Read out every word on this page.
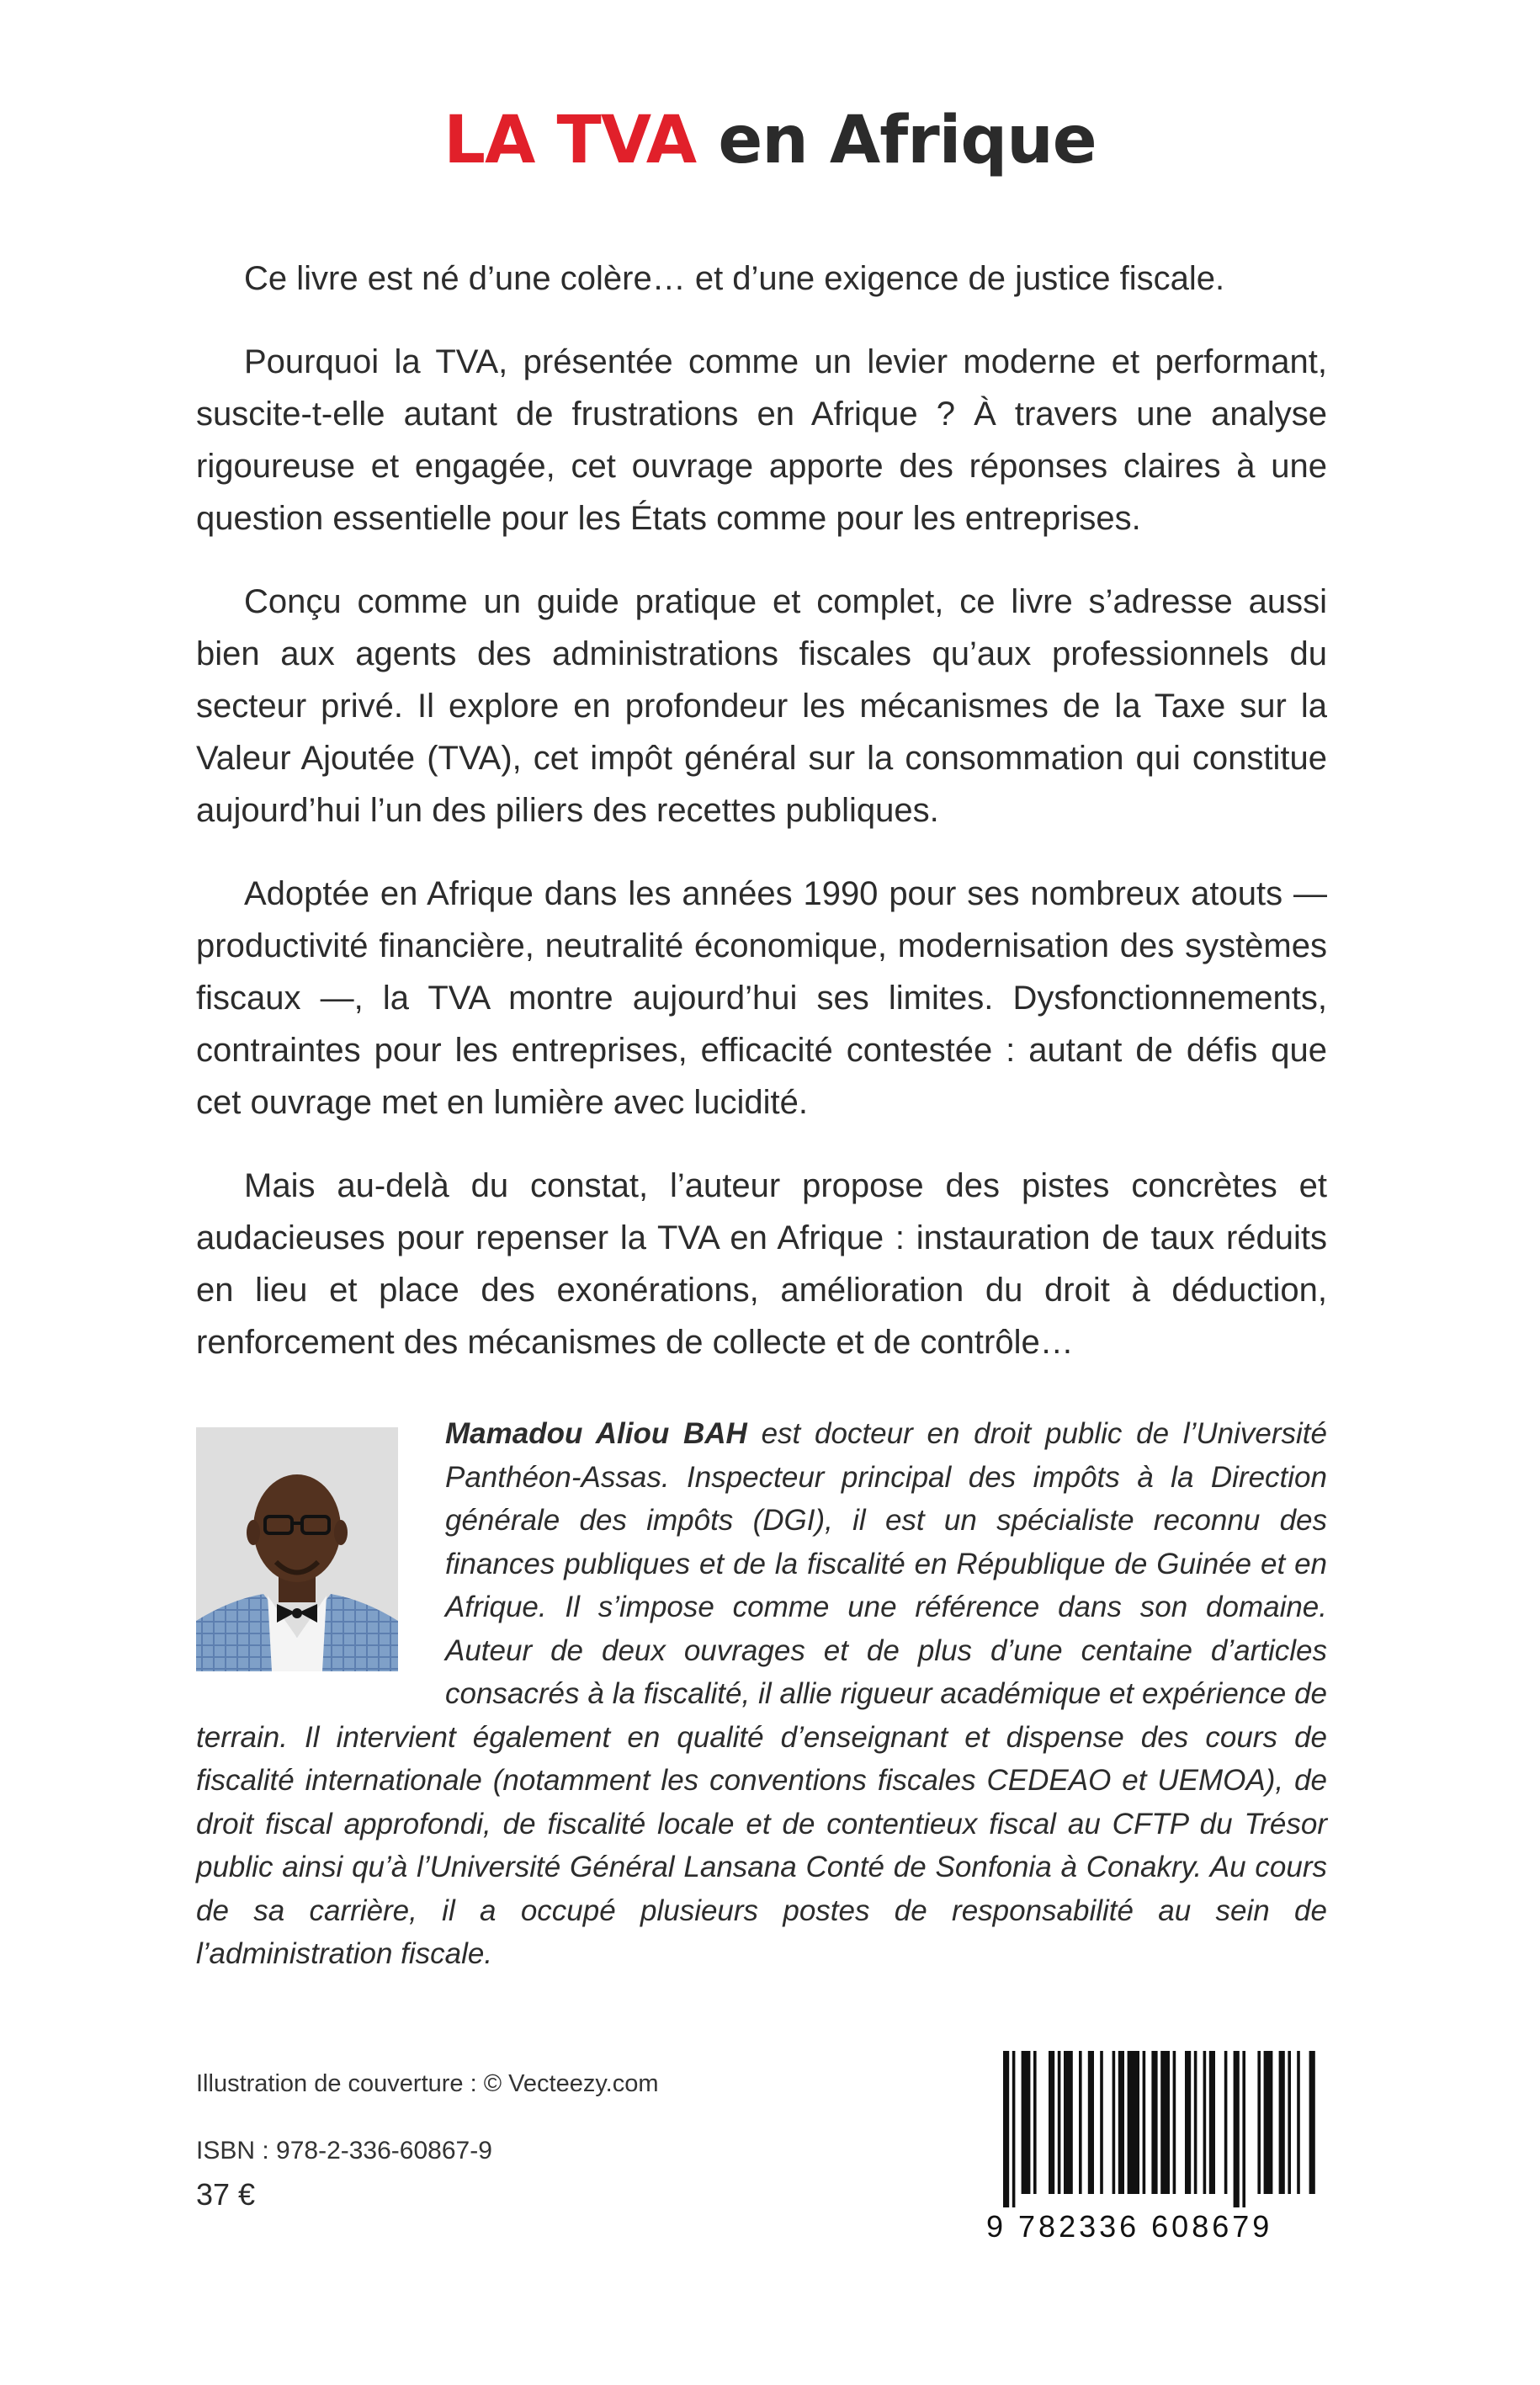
LA TVA en Afrique

Ce livre est né d’une colère… et d’une exigence de justice fiscale.

Pourquoi la TVA, présentée comme un levier moderne et performant, suscite-t-elle autant de frustrations en Afrique ? À travers une analyse rigoureuse et engagée, cet ouvrage apporte des réponses claires à une question essentielle pour les États comme pour les entreprises.

Conçu comme un guide pratique et complet, ce livre s’adresse aussi bien aux agents des administrations fiscales qu’aux professionnels du secteur privé. Il explore en profondeur les mécanismes de la Taxe sur la Valeur Ajoutée (TVA), cet impôt général sur la consommation qui constitue aujourd’hui l’un des piliers des recettes publiques.

Adoptée en Afrique dans les années 1990 pour ses nombreux atouts — productivité financière, neutralité économique, modernisation des systèmes fiscaux —, la TVA montre aujourd’hui ses limites. Dysfonctionnements, contraintes pour les entreprises, efficacité contestée : autant de défis que cet ouvrage met en lumière avec lucidité.

Mais au-delà du constat, l’auteur propose des pistes concrètes et audacieuses pour repenser la TVA en Afrique : instauration de taux réduits en lieu et place des exonérations, amélioration du droit à déduction, renforcement des mécanismes de collecte et de contrôle…

Mamadou Aliou BAH est docteur en droit public de l’Université Panthéon-Assas. Inspecteur principal des impôts à la Direction générale des impôts (DGI), il est un spécialiste reconnu des finances publiques et de la fiscalité en République de Guinée et en Afrique. Il s’impose comme une référence dans son domaine. Auteur de deux ouvrages et de plus d’une centaine d’articles consacrés à la fiscalité, il allie rigueur académique et expérience de terrain. Il intervient également en qualité d’enseignant et dispense des cours de fiscalité internationale (notamment les conventions fiscales CEDEAO et UEMOA), de droit fiscal approfondi, de fiscalité locale et de contentieux fiscal au CFTP du Trésor public ainsi qu’à l’Université Général Lansana Conté de Sonfonia à Conakry. Au cours de sa carrière, il a occupé plusieurs postes de responsabilité au sein de l’administration fiscale.
Illustration de couverture : © Vecteezy.com
ISBN : 978-2-336-60867-9
37 €
9 782336 608679
